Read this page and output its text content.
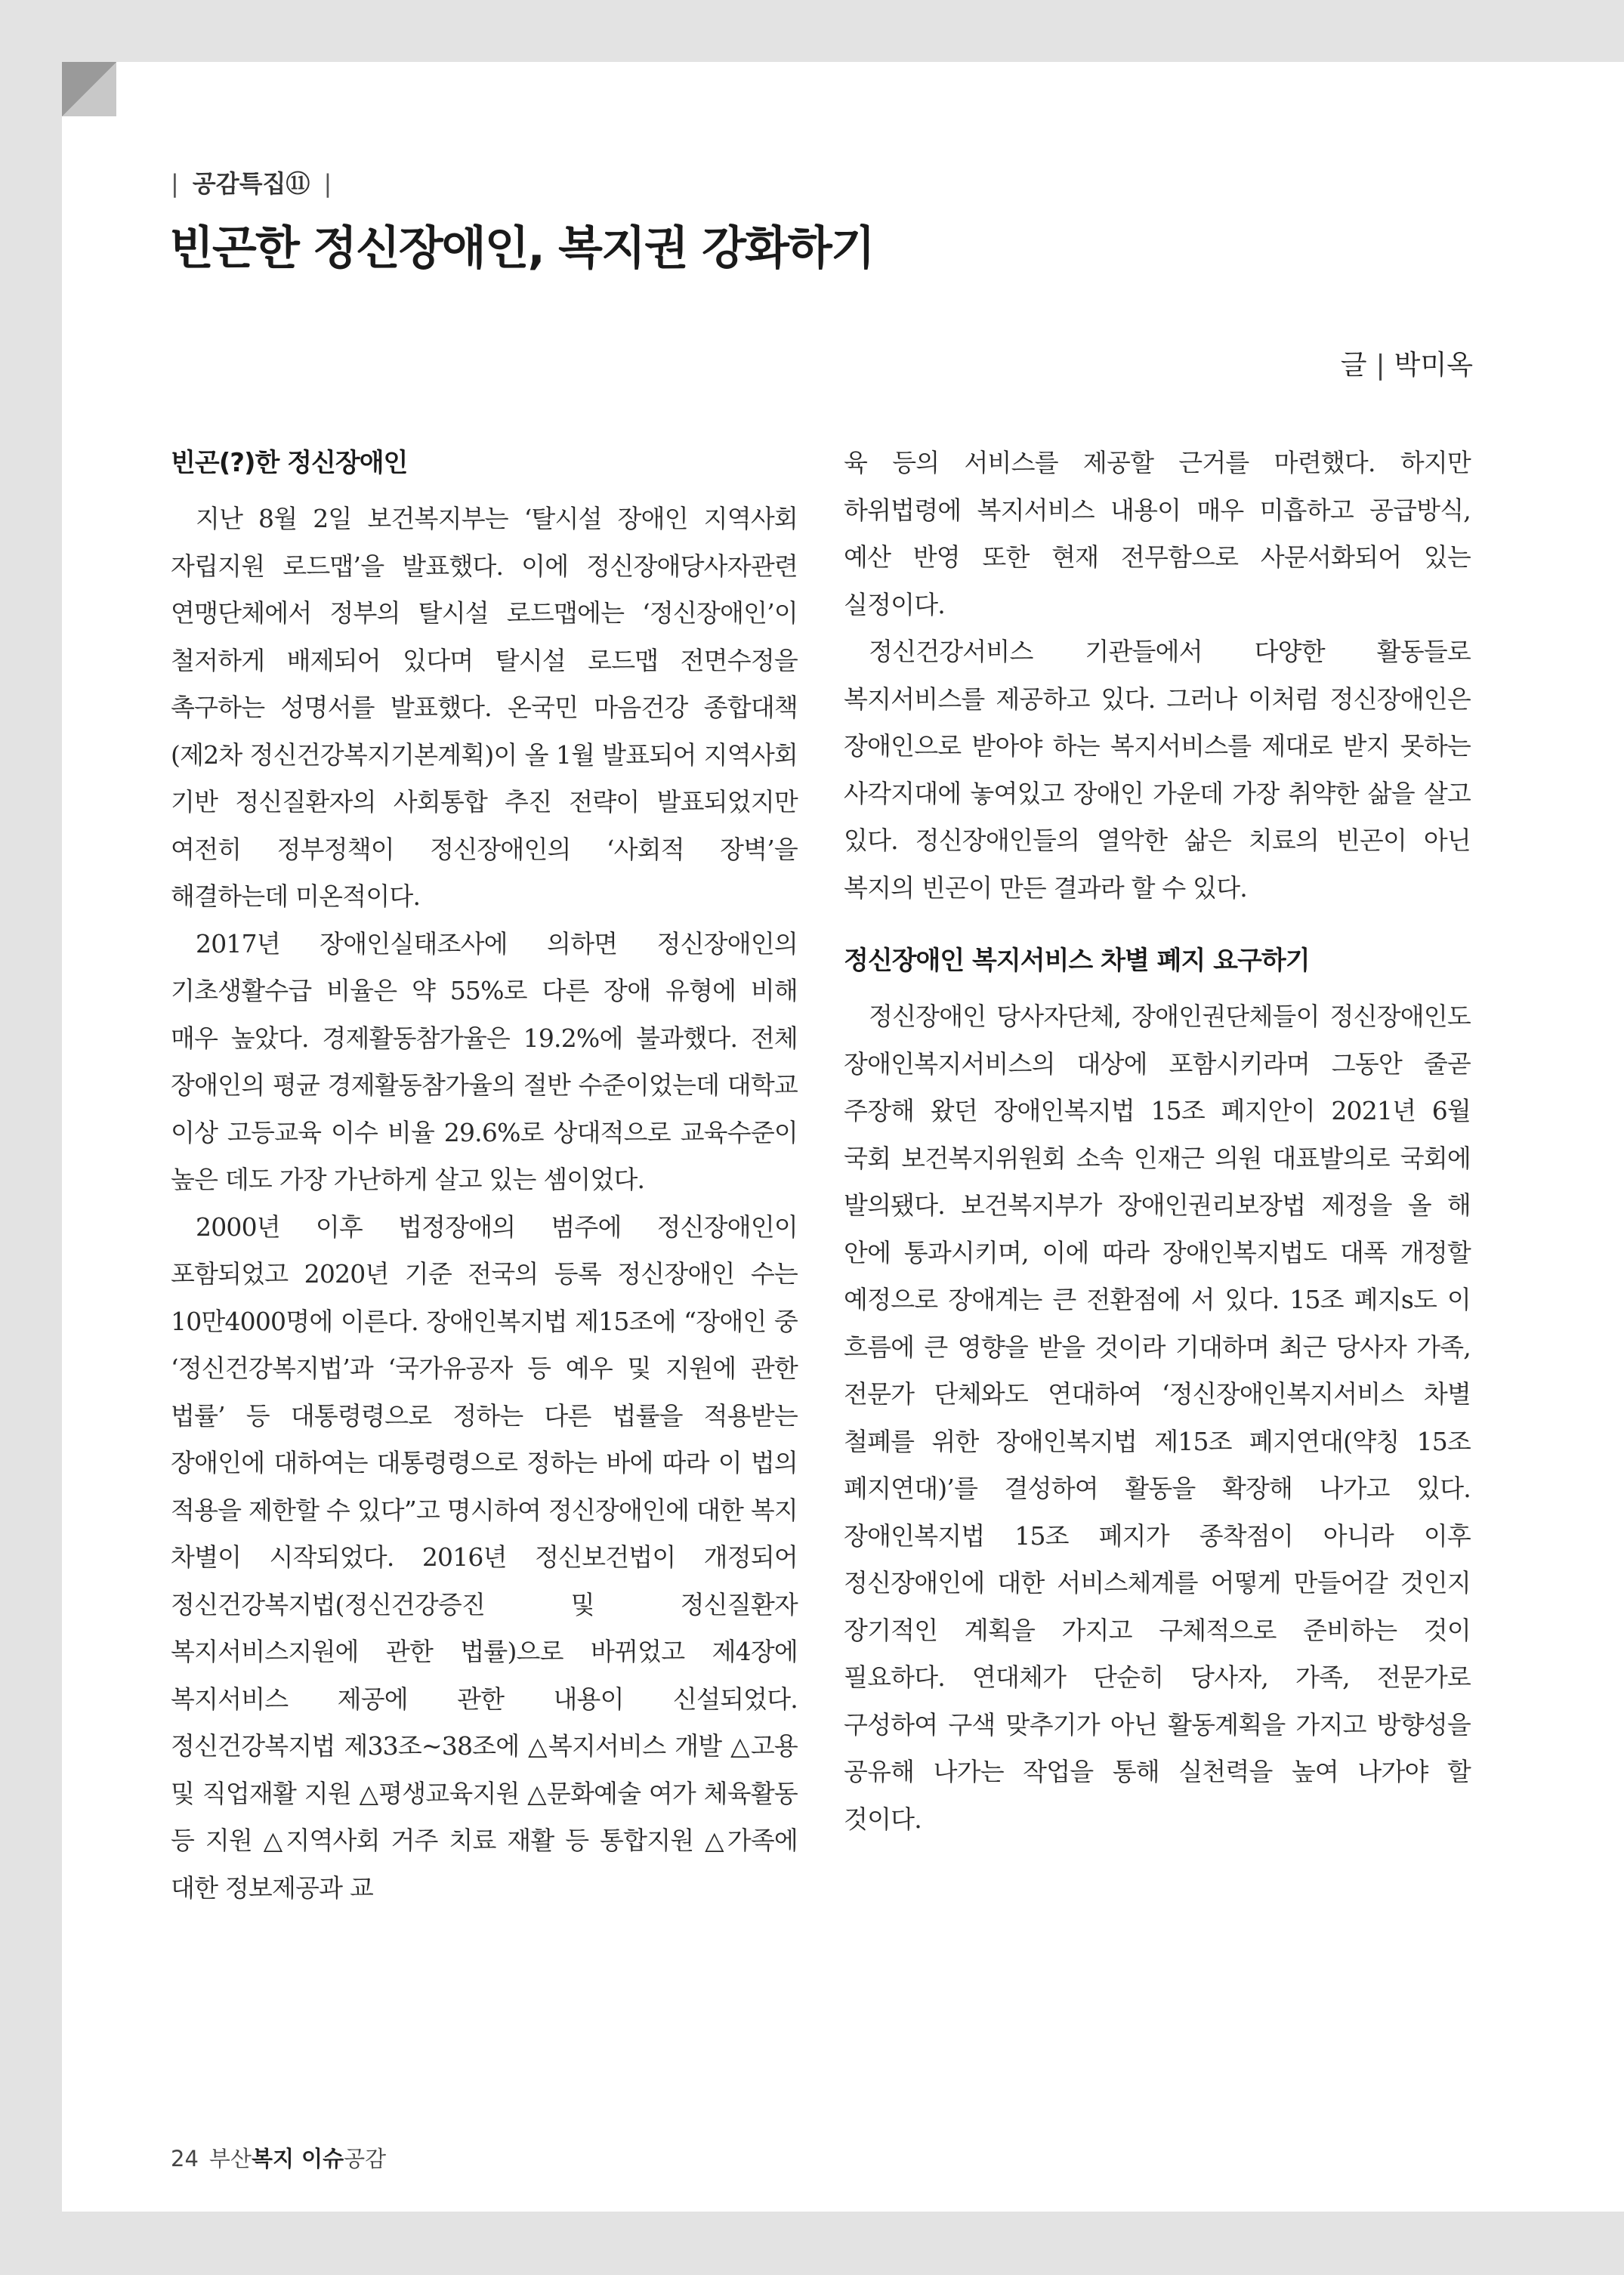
| 공감특집⑪ |
빈곤한 정신장애인, 복지권 강화하기
글 | 박미옥
빈곤(?)한 정신장애인

지난 8월 2일 보건복지부는 ‘탈시설 장애인 지역사회 자립지원 로드맵’을 발표했다. 이에 정신장애당사자관련 연맹단체에서 정부의 탈시설 로드맵에는 ‘정신장애인’이 철저하게 배제되어 있다며 탈시설 로드맵 전면수정을 촉구하는 성명서를 발표했다. 온국민 마음건강 종합대책(제2차 정신건강복지기본계획)이 올 1월 발표되어 지역사회 기반 정신질환자의 사회통합 추진 전략이 발표되었지만 여전히 정부정책이 정신장애인의 ‘사회적 장벽’을 해결하는데 미온적이다.

2017년 장애인실태조사에 의하면 정신장애인의 기초생활수급 비율은 약 55%로 다른 장애 유형에 비해 매우 높았다. 경제활동참가율은 19.2%에 불과했다. 전체 장애인의 평균 경제활동참가율의 절반 수준이었는데 대학교 이상 고등교육 이수 비율 29.6%로 상대적으로 교육수준이 높은 데도 가장 가난하게 살고 있는 셈이었다.

2000년 이후 법정장애의 범주에 정신장애인이 포함되었고 2020년 기준 전국의 등록 정신장애인 수는 10만4000명에 이른다. 장애인복지법 제15조에 “장애인 중 ‘정신건강복지법’과 ‘국가유공자 등 예우 및 지원에 관한 법률’ 등 대통령령으로 정하는 다른 법률을 적용받는 장애인에 대하여는 대통령령으로 정하는 바에 따라 이 법의 적용을 제한할 수 있다”고 명시하여 정신장애인에 대한 복지 차별이 시작되었다. 2016년 정신보건법이 개정되어 정신건강복지법(정신건강증진 및 정신질환자 복지서비스지원에 관한 법률)으로 바뀌었고 제4장에 복지서비스 제공에 관한 내용이 신설되었다. 정신건강복지법 제33조~38조에 △복지서비스 개발 △고용 및 직업재활 지원 △평생교육지원 △문화예술 여가 체육활동 등 지원 △지역사회 거주 치료 재활 등 통합지원 △가족에 대한 정보제공과 교

육 등의 서비스를 제공할 근거를 마련했다. 하지만 하위법령에 복지서비스 내용이 매우 미흡하고 공급방식, 예산 반영 또한 현재 전무함으로 사문서화되어 있는 실정이다.

정신건강서비스 기관들에서 다양한 활동들로 복지서비스를 제공하고 있다. 그러나 이처럼 정신장애인은 장애인으로 받아야 하는 복지서비스를 제대로 받지 못하는 사각지대에 놓여있고 장애인 가운데 가장 취약한 삶을 살고 있다. 정신장애인들의 열악한 삶은 치료의 빈곤이 아닌 복지의 빈곤이 만든 결과라 할 수 있다.

정신장애인 복지서비스 차별 폐지 요구하기

정신장애인 당사자단체, 장애인권단체들이 정신장애인도 장애인복지서비스의 대상에 포함시키라며 그동안 줄곧 주장해 왔던 장애인복지법 15조 폐지안이 2021년 6월 국회 보건복지위원회 소속 인재근 의원 대표발의로 국회에 발의됐다. 보건복지부가 장애인권리보장법 제정을 올 해 안에 통과시키며, 이에 따라 장애인복지법도 대폭 개정할 예정으로 장애계는 큰 전환점에 서 있다. 15조 폐지s도 이 흐름에 큰 영향을 받을 것이라 기대하며 최근 당사자 가족, 전문가 단체와도 연대하여 ‘정신장애인복지서비스 차별 철폐를 위한 장애인복지법 제15조 폐지연대(약칭 15조 폐지연대)’를 결성하여 활동을 확장해 나가고 있다. 장애인복지법 15조 폐지가 종착점이 아니라 이후 정신장애인에 대한 서비스체계를 어떻게 만들어갈 것인지 장기적인 계획을 가지고 구체적으로 준비하는 것이 필요하다. 연대체가 단순히 당사자, 가족, 전문가로 구성하여 구색 맞추기가 아닌 활동계획을 가지고 방향성을 공유해 나가는 작업을 통해 실천력을 높여 나가야 할 것이다.

24 부산복지 이슈공감
